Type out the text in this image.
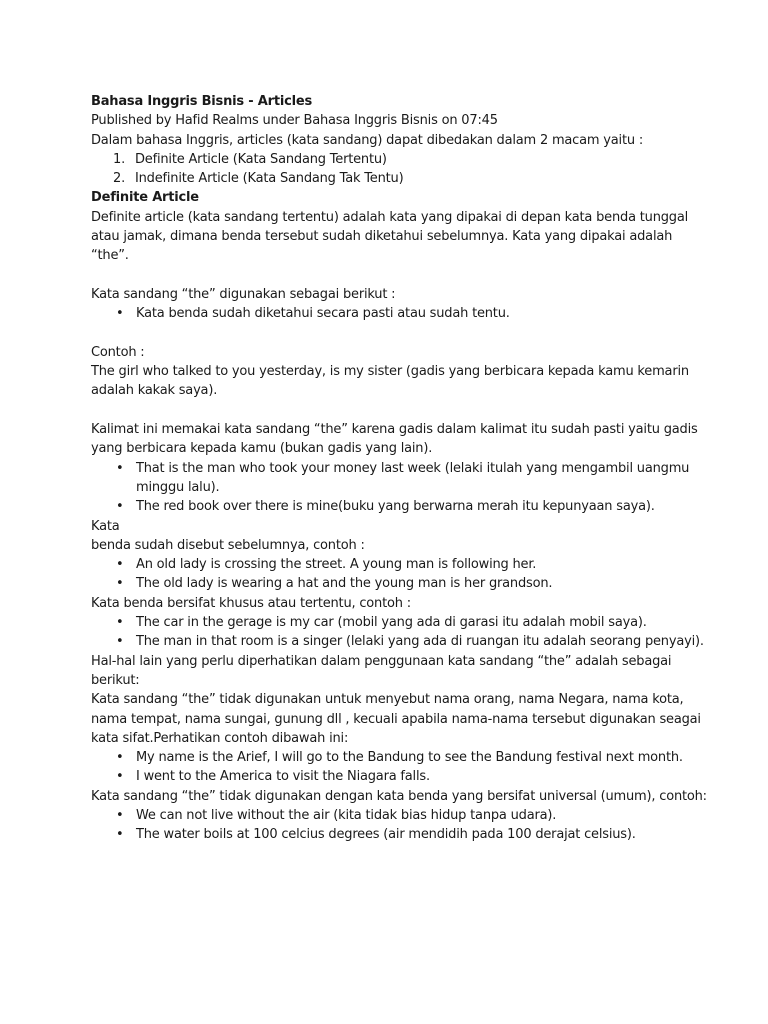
Bahasa Inggris Bisnis - Articles

Published by Hafid Realms under Bahasa Inggris Bisnis on 07:45

Dalam bahasa Inggris, articles (kata sandang) dapat dibedakan dalam 2 macam yaitu :

1. Definite Article (Kata Sandang Tertentu)
2. Indefinite Article (Kata Sandang Tak Tentu)

Definite Article

Definite article (kata sandang tertentu) adalah kata yang dipakai di depan kata benda tunggal atau jamak, dimana benda tersebut sudah diketahui sebelumnya. Kata yang dipakai adalah “the”.

Kata sandang “the” digunakan sebagai berikut :

• Kata benda sudah diketahui secara pasti atau sudah tentu.

Contoh :

The girl who talked to you yesterday, is my sister (gadis yang berbicara kepada kamu kemarin adalah kakak saya).

Kalimat ini memakai kata sandang “the” karena gadis dalam kalimat itu sudah pasti yaitu gadis yang berbicara kepada kamu (bukan gadis yang lain).

• That is the man who took your money last week (lelaki itulah yang mengambil uangmu minggu lalu).
• The red book over there is mine(buku yang berwarna merah itu kepunyaan saya).

Kata

benda sudah disebut sebelumnya, contoh :

• An old lady is crossing the street. A young man is following her.
• The old lady is wearing a hat and the young man is her grandson.

Kata benda bersifat khusus atau tertentu, contoh :

• The car in the gerage is my car (mobil yang ada di garasi itu adalah mobil saya).
• The man in that room is a singer (lelaki yang ada di ruangan itu adalah seorang penyayi).

Hal-hal lain yang perlu diperhatikan dalam penggunaan kata sandang “the” adalah sebagai berikut:

Kata sandang “the” tidak digunakan untuk menyebut nama orang, nama Negara, nama kota, nama tempat, nama sungai, gunung dll , kecuali apabila nama-nama tersebut digunakan seagai kata sifat.Perhatikan contoh dibawah ini:

• My name is the Arief, I will go to the Bandung to see the Bandung festival next month.
• I went to the America to visit the Niagara falls.

Kata sandang “the” tidak digunakan dengan kata benda yang bersifat universal (umum), contoh:

• We can not live without the air (kita tidak bias hidup tanpa udara).
• The water boils at 100 celcius degrees (air mendidih pada 100 derajat celsius).
